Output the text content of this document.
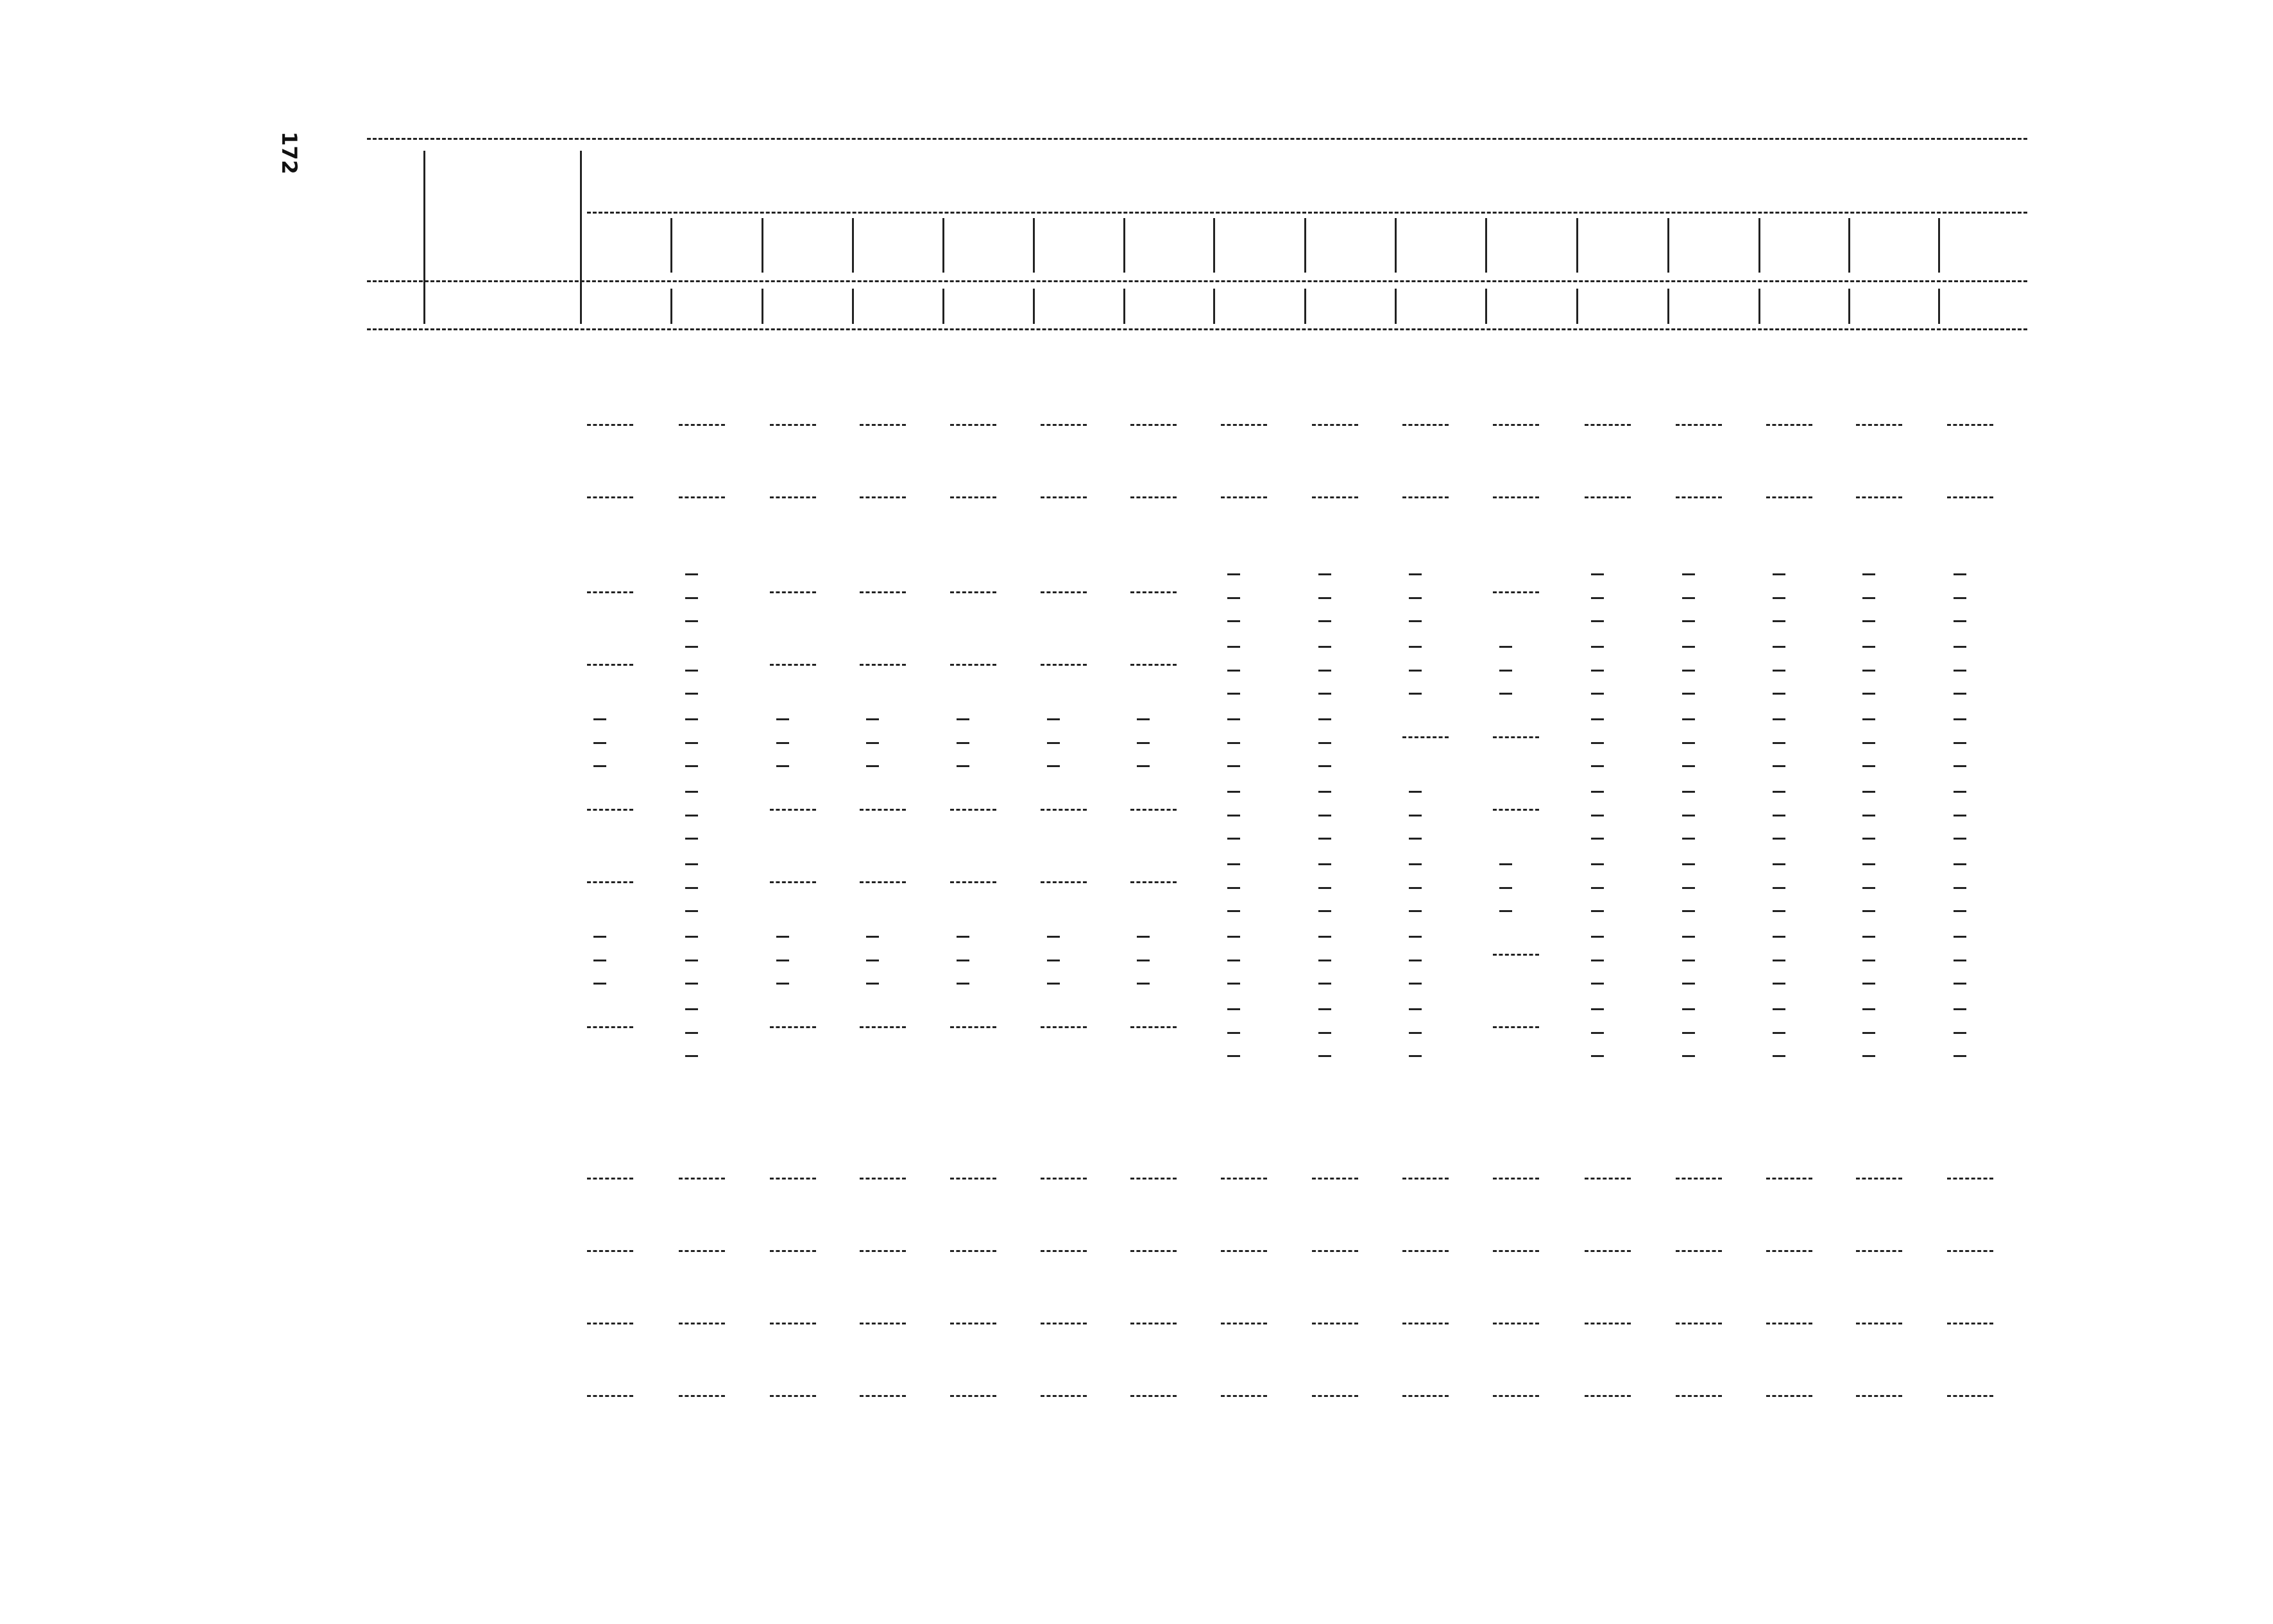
172
